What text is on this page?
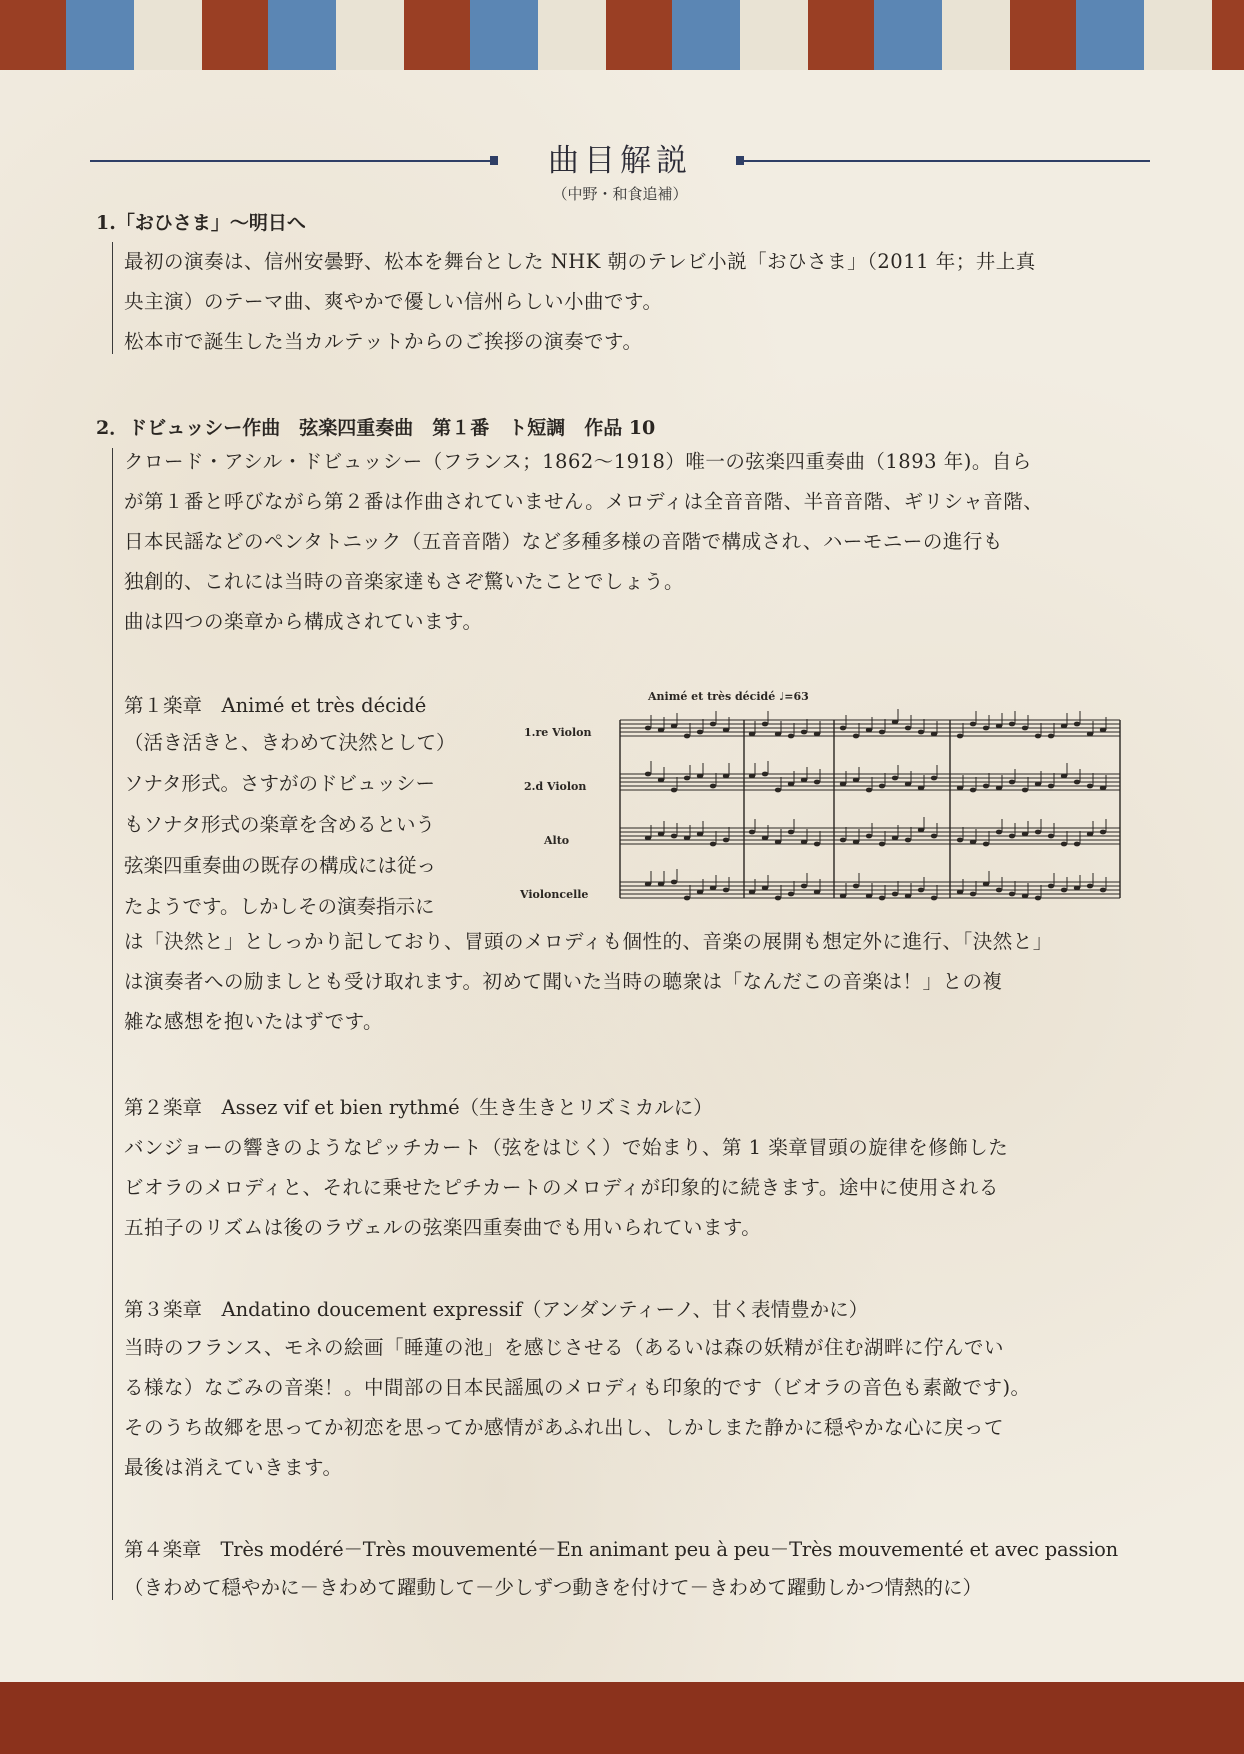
曲目解説
（中野・和食追補）
1.「おひさま」～明日へ
最初の演奏は、信州安曇野、松本を舞台とした NHK 朝のテレビ小説「おひさま」（2011 年；井上真
央主演）のテーマ曲、爽やかで優しい信州らしい小曲です。
松本市で誕生した当カルテットからのご挨拶の演奏です。
2．ドビュッシー作曲　弦楽四重奏曲　第１番　ト短調　作品 10
クロード・アシル・ドビュッシー（フランス；1862～1918）唯一の弦楽四重奏曲（1893 年)。自ら
が第１番と呼びながら第２番は作曲されていません。メロディは全音音階、半音音階、ギリシャ音階、
日本民謡などのペンタトニック（五音音階）など多種多様の音階で構成され、ハーモニーの進行も
独創的、これには当時の音楽家達もさぞ驚いたことでしょう。
曲は四つの楽章から構成されています。
第１楽章　Animé et très décidé
（活き活きと、きわめて決然として）
ソナタ形式。さすがのドビュッシー
もソナタ形式の楽章を含めるという
弦楽四重奏曲の既存の構成には従っ
たようです。しかしその演奏指示に
Animé et très décidé ♩=63
1.re Violon
2.d Violon
Alto
Violoncelle
は「決然と」としっかり記しており、冒頭のメロディも個性的、音楽の展開も想定外に進行、「決然と」
は演奏者への励ましとも受け取れます。初めて聞いた当時の聴衆は「なんだこの音楽は！」との複
雑な感想を抱いたはずです。
第２楽章　Assez vif et bien rythmé（生き生きとリズミカルに）
バンジョーの響きのようなピッチカート（弦をはじく）で始まり、第 1 楽章冒頭の旋律を修飾した
ビオラのメロディと、それに乗せたピチカートのメロディが印象的に続きます。途中に使用される
五拍子のリズムは後のラヴェルの弦楽四重奏曲でも用いられています。
第３楽章　Andatino doucement expressif（アンダンティーノ、甘く表情豊かに）
当時のフランス、モネの絵画「睡蓮の池」を感じさせる（あるいは森の妖精が住む湖畔に佇んでい
る様な）なごみの音楽！。中間部の日本民謡風のメロディも印象的です（ビオラの音色も素敵です)。
そのうち故郷を思ってか初恋を思ってか感情があふれ出し、しかしまた静かに穏やかな心に戻って
最後は消えていきます。
第４楽章　Très modéré－Très mouvementé－En animant peu à peu－Très mouvementé et avec passion
（きわめて穏やかに－きわめて躍動して－少しずつ動きを付けて－きわめて躍動しかつ情熱的に）
